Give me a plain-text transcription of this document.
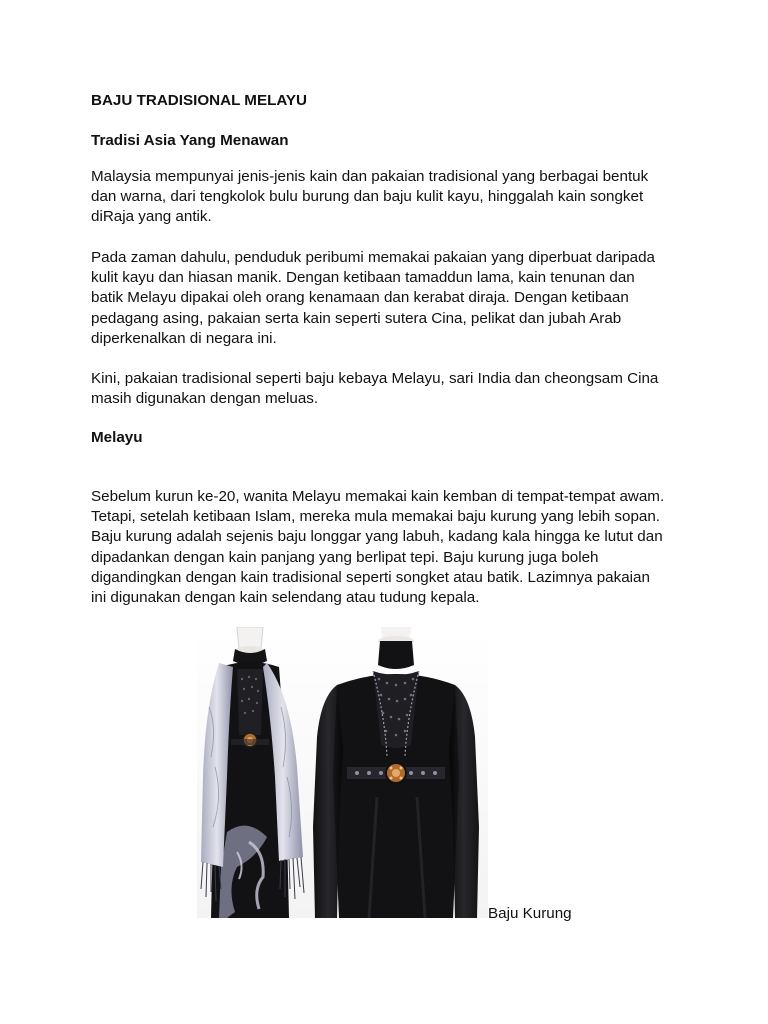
BAJU TRADISIONAL MELAYU

Tradisi Asia Yang Menawan

Malaysia mempunyai jenis-jenis kain dan pakaian tradisional yang berbagai bentuk
dan warna, dari tengkolok bulu burung dan baju kulit kayu, hinggalah kain songket
diRaja yang antik.

Pada zaman dahulu, penduduk peribumi memakai pakaian yang diperbuat daripada
kulit kayu dan hiasan manik. Dengan ketibaan tamaddun lama, kain tenunan dan
batik Melayu dipakai oleh orang kenamaan dan kerabat diraja. Dengan ketibaan
pedagang asing, pakaian serta kain seperti sutera Cina, pelikat dan jubah Arab
diperkenalkan di negara ini.

Kini, pakaian tradisional seperti baju kebaya Melayu, sari India dan cheongsam Cina
masih digunakan dengan meluas.

Melayu

Sebelum kurun ke-20, wanita Melayu memakai kain kemban di tempat-tempat awam.
Tetapi, setelah ketibaan Islam, mereka mula memakai baju kurung yang lebih sopan.
Baju kurung adalah sejenis baju longgar yang labuh, kadang kala hingga ke lutut dan
dipadankan dengan kain panjang yang berlipat tepi. Baju kurung juga boleh
digandingkan dengan kain tradisional seperti songket atau batik. Lazimnya pakaian
ini digunakan dengan kain selendang atau tudung kepala.

Baju Kurung
